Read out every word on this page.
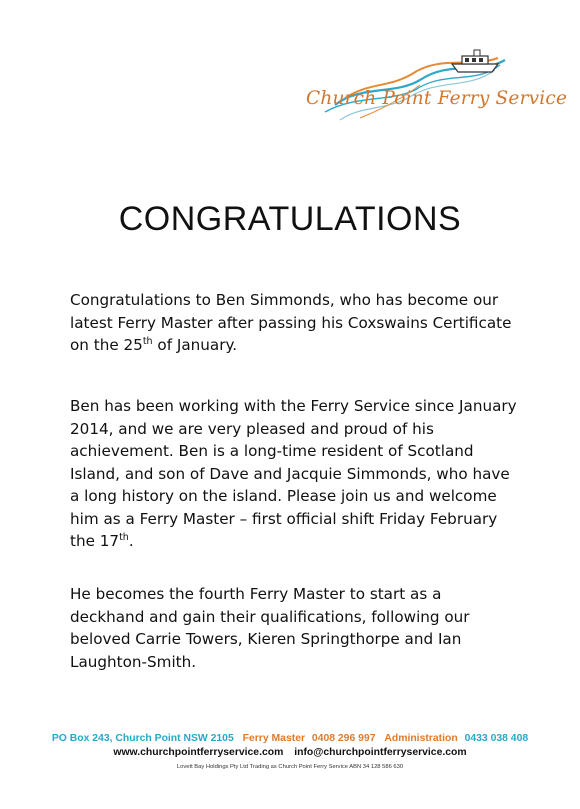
Church Point Ferry Service
CONGRATULATIONS

Congratulations to Ben Simmonds, who has become our latest Ferry Master after passing his Coxswains Certificate on the 25th of January.

Ben has been working with the Ferry Service since January 2014, and we are very pleased and proud of his achievement. Ben is a long-time resident of Scotland Island, and son of Dave and Jacquie Simmonds, who have a long history on the island. Please join us and welcome him as a Ferry Master – first official shift Friday February the 17th.

He becomes the fourth Ferry Master to start as a deckhand and gain their qualifications, following our beloved Carrie Towers, Kieren Springthorpe and Ian Laughton-Smith.

PO Box 243, Church Point NSW 2105 Ferry Master 0408 296 997 Administration 0433 038 408
www.churchpointferryservice.com info@churchpointferryservice.com
Lovett Bay Holdings Pty Ltd Trading as Church Point Ferry Service ABN 34 128 586 630
